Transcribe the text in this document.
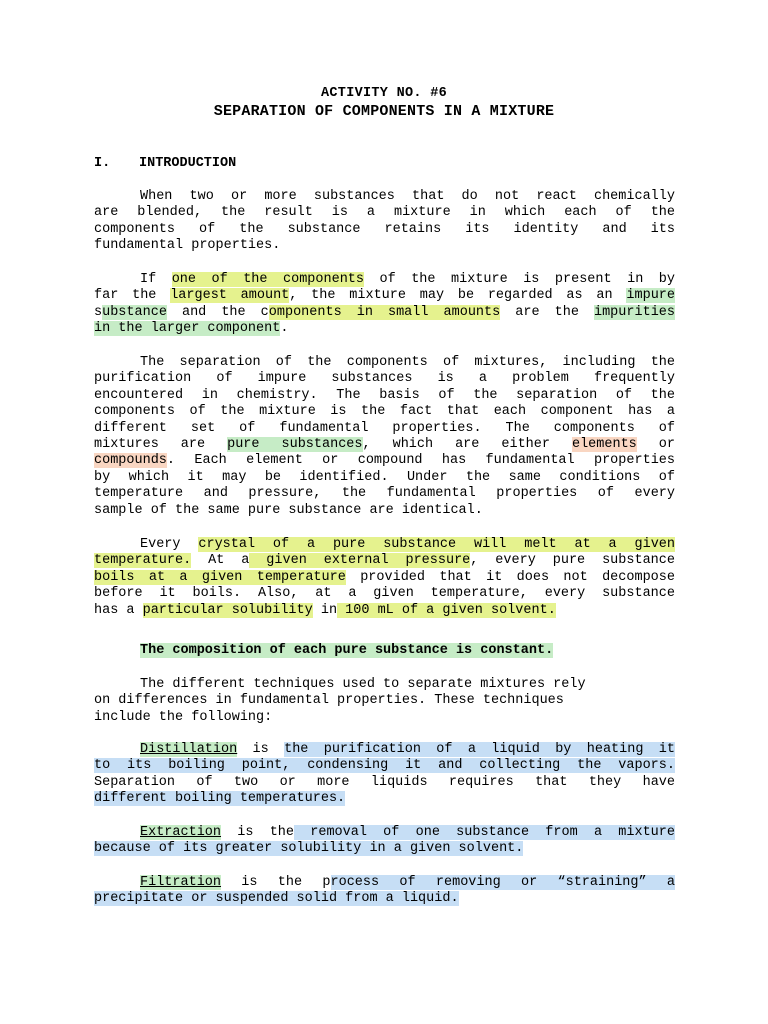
ACTIVITY NO. #6
SEPARATION OF COMPONENTS IN A MIXTURE
I. INTRODUCTION
When two or more substances that do not react chemically
are blended, the result is a mixture in which each of the
components of the substance retains its identity and its
fundamental properties.
If one of the components of the mixture is present in by
far the largest amount, the mixture may be regarded as an impure
substance and the components in small amounts are the impurities
in the larger component.
The separation of the components of mixtures, including the
purification of impure substances is a problem frequently
encountered in chemistry. The basis of the separation of the
components of the mixture is the fact that each component has a
different set of fundamental properties. The components of
mixtures are pure substances, which are either elements or
compounds. Each element or compound has fundamental properties
by which it may be identified. Under the same conditions of
temperature and pressure, the fundamental properties of every
sample of the same pure substance are identical.
Every crystal of a pure substance will melt at a given
temperature. At a given external pressure, every pure substance
boils at a given temperature provided that it does not decompose
before it boils. Also, at a given temperature, every substance
has a particular solubility in 100 mL of a given solvent.
The composition of each pure substance is constant.
The different techniques used to separate mixtures rely
on differences in fundamental properties. These techniques
include the following:
Distillation is the purification of a liquid by heating it
to its boiling point, condensing it and collecting the vapors.
Separation of two or more liquids requires that they have
different boiling temperatures.
Extraction is the removal of one substance from a mixture
because of its greater solubility in a given solvent.
Filtration is the process of removing or “straining” a
precipitate or suspended solid from a liquid.
